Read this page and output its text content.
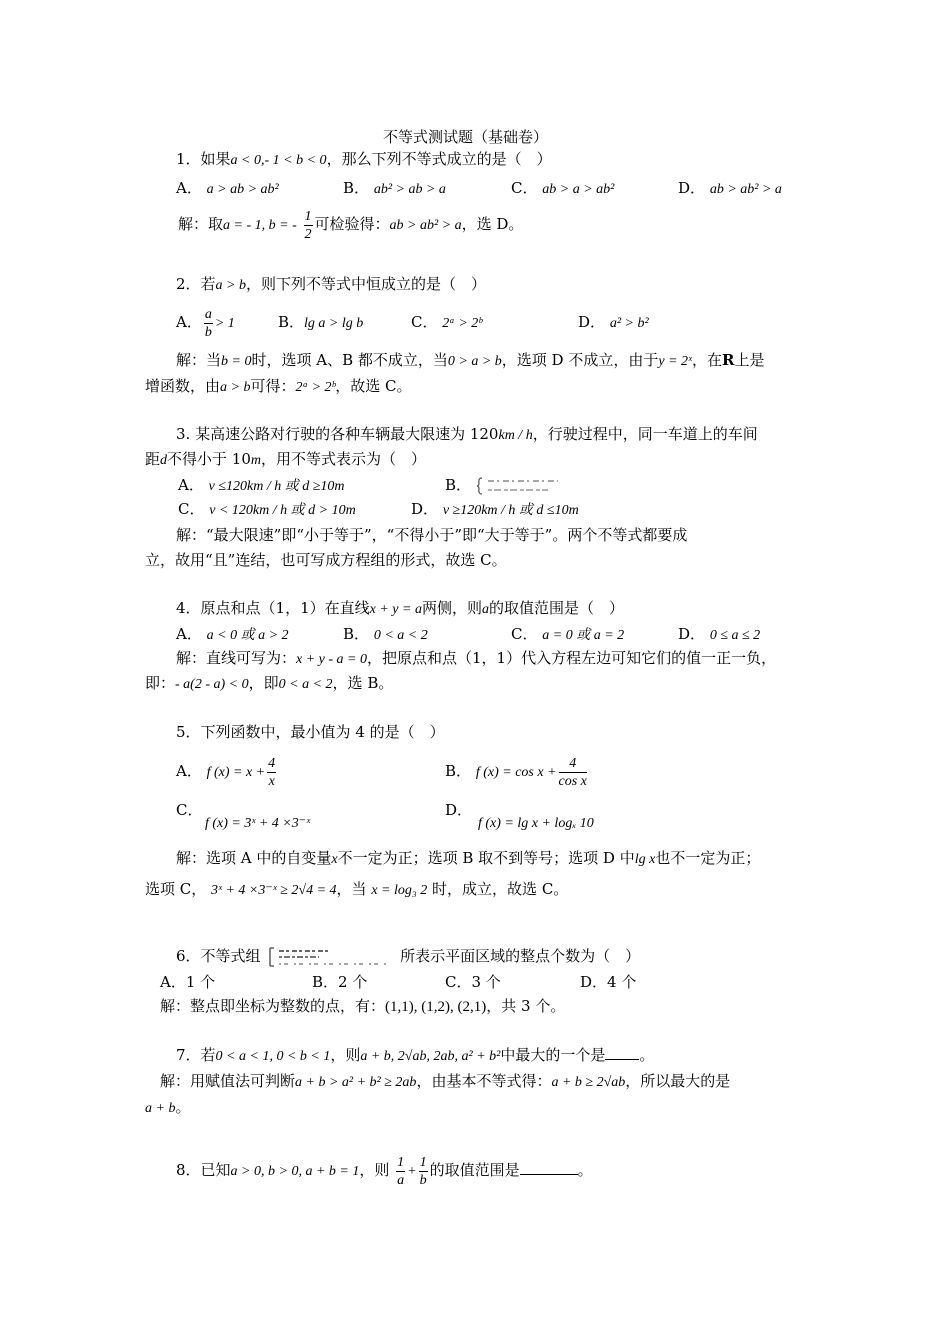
不等式测试题（基础卷）
1．如果a < 0,- 1 < b < 0，那么下列不等式成立的是（　）
A． a > ab > ab²	B． ab² > ab > a	C． ab > a > ab²	D． ab > ab² > a
解：取a = - 1, b = - $\frac{1}{2}$ 可检验得：ab > ab² > a，选 D。
2．若a > b，则下列不等式中恒成立的是（　）
A． $\frac{a}{b} > 1$	B．lg a > lg b	C． 2ᵃ > 2ᵇ	D． a² > b²
解：当b = 0时，选项 A、B 都不成立，当0 > a > b，选项 D 不成立，由于y = 2ˣ，在R上是
增函数，由a > b可得：2ᵃ > 2ᵇ，故选 C。
3. 某高速公路对行驶的各种车辆最大限速为 120km / h，行驶过程中，同一车道上的车间
距d不得小于 10m，用不等式表示为（　）
A． v ≤120km / h 或 d ≥10m	B．
C． v < 120km / h 或 d > 10m	D． v ≥120km / h 或 d ≤10m
解：“最大限速”即“小于等于”，“不得小于”即“大于等于”。两个不等式都要成
立，故用“且”连结，也可写成方程组的形式，故选 C。
4．原点和点（1，1）在直线x + y = a两侧，则a的取值范围是（　）
A． a < 0 或 a > 2	B． 0 < a < 2	C． a = 0 或 a = 2	D． 0 ≤ a ≤ 2
解：直线可写为：x + y - a = 0，把原点和点（1，1）代入方程左边可知它们的值一正一负，
即：- a(2 - a) < 0，即0 < a < 2，选 B。
5．下列函数中，最小值为 4 的是（　）
A． f $(x) = x + \frac{4}{x}$	B． f $(x) = \cos x + \frac{4}{\text{cos x}}$
C．
f (x) = 3ˣ + 4 ×3⁻ˣ
D．
f (x) = lg x + logₓ 10
解：选项 A 中的自变量x不一定为正；选项 B 取不到等号；选项 D 中lg x也不一定为正；
选项 C， 3ˣ + 4 ×3⁻ˣ ≥ 2√4 = 4，当 x = log₃ 2 时，成立，故选 C。
6．不等式组	所表示平面区域的整点个数为（　）
A．1 个	B．2 个	C．3 个	D．4 个
解：整点即坐标为整数的点，有：(1,1), (1,2), (2,1)，共 3 个。
7．若0 < a < 1, 0 < b < 1，则a + b, 2√ab, 2ab, a² + b²中最大的一个是 。
解：用赋值法可判断a + b > a² + b² ≥ 2ab，由基本不等式得：a + b ≥ 2√ab，所以最大的是
a + b。
8．已知a > 0, b > 0, a + b = 1，则 $\frac{1}{a} + \frac{1}{b}$ 的取值范围是	。
